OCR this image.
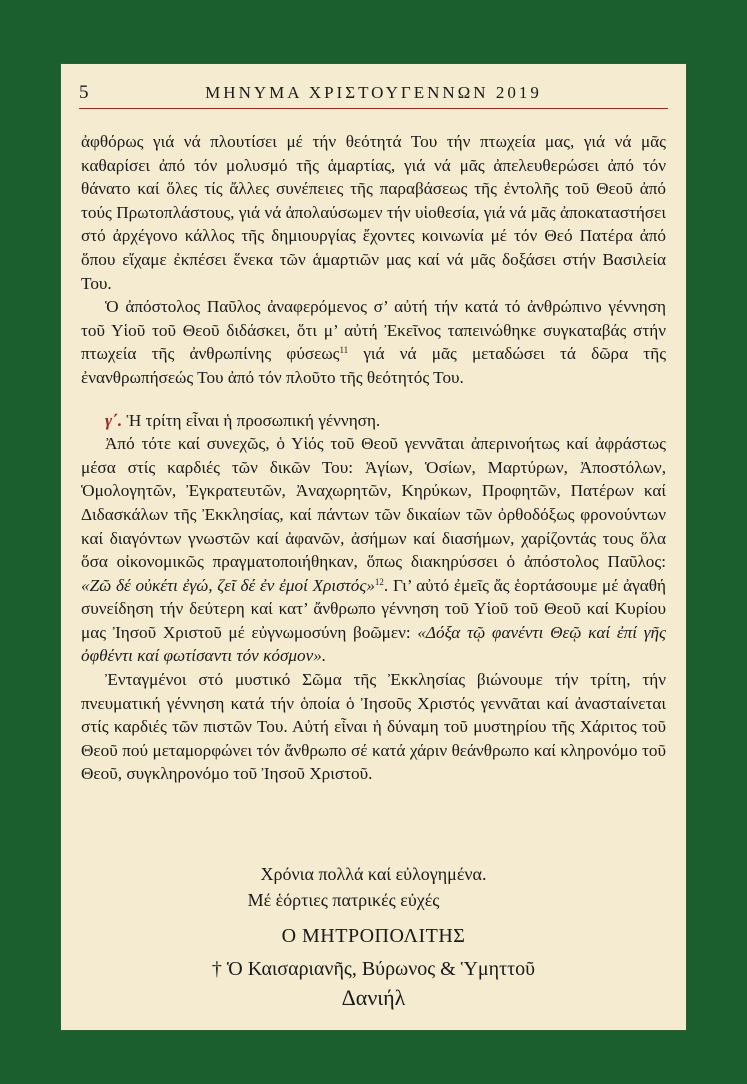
5	ΜΗΝΥΜΑ ΧΡΙΣΤΟΥΓΕΝΝΩΝ 2019

ἀφθόρως γιά νά πλουτίσει μέ τήν θεότητά Του τήν πτωχεία μας, γιά νά μᾶς καθαρίσει ἀπό τόν μολυσμό τῆς ἁμαρτίας, γιά νά μᾶς ἀπελευθερώσει ἀπό τόν θάνατο καί ὅλες τίς ἄλλες συνέπειες τῆς παραβάσεως τῆς ἐντολῆς τοῦ Θεοῦ ἀπό τούς Πρωτοπλάστους, γιά νά ἀπολαύσωμεν τήν υἱοθεσία, γιά νά μᾶς ἀποκαταστήσει στό ἀρχέγονο κάλλος τῆς δημιουργίας ἔχοντες κοινωνία μέ τόν Θεό Πατέρα ἀπό ὅπου εἴχαμε ἐκπέσει ἕνεκα τῶν ἁμαρτιῶν μας καί νά μᾶς δοξάσει στήν Βασιλεία Του.

Ὁ ἀπόστολος Παῦλος ἀναφερόμενος σ’ αὐτή τήν κατά τό ἀνθρώπινο γέννηση τοῦ Υἱοῦ τοῦ Θεοῦ διδάσκει, ὅτι μ’ αὐτή Ἐκεῖνος ταπεινώθηκε συγκαταβάς στήν πτωχεία τῆς ἀνθρωπίνης φύσεως$^{11}$ γιά νά μᾶς μεταδώσει τά δῶρα τῆς ἐνανθρωπήσεώς Του ἀπό τόν πλοῦτο τῆς θεότητός Του.

γ΄. Ἡ τρίτη εἶναι ἡ προσωπική γέννηση.

Ἀπό τότε καί συνεχῶς, ὁ Υἱός τοῦ Θεοῦ γεννᾶται ἀπερινοήτως καί ἀφράστως μέσα στίς καρδιές τῶν δικῶν Του: Ἁγίων, Ὁσίων, Μαρτύρων, Ἀποστόλων, Ὁμολογητῶν, Ἐγκρατευτῶν, Ἀναχωρητῶν, Κηρύκων, Προφητῶν, Πατέρων καί Διδασκάλων τῆς Ἐκκλησίας, καί πάντων τῶν δικαίων τῶν ὀρθοδόξως φρονούντων καί διαγόντων γνωστῶν καί ἀφανῶν, ἀσήμων καί διασήμων, χαρίζοντάς τους ὅλα ὅσα οἰκονομικῶς πραγματοποιήθηκαν, ὅπως διακηρύσσει ὁ ἀπόστολος Παῦλος: «Ζῶ δέ οὐκέτι ἐγώ, ζεῖ δέ ἐν ἐμοί Χριστός»$^{12}$. Γι’ αὐτό ἐμεῖς ἄς ἑορτάσουμε μέ ἀγαθή συνείδηση τήν δεύτερη καί κατ’ ἄνθρωπο γέννηση τοῦ Υἱοῦ τοῦ Θεοῦ καί Κυρίου μας Ἰησοῦ Χριστοῦ μέ εὐγνωμοσύνη βοῶμεν: «Δόξα τῷ φανέντι Θεῷ καί ἐπί γῆς ὀφθέντι καί φωτίσαντι τόν κόσμον».

Ἐνταγμένοι στό μυστικό Σῶμα τῆς Ἐκκλησίας βιώνουμε τήν τρίτη, τήν πνευματική γέννηση κατά τήν ὁποία ὁ Ἰησοῦς Χριστός γεννᾶται καί ἀνασταίνεται στίς καρδιές τῶν πιστῶν Του. Αὐτή εἶναι ἡ δύναμη τοῦ μυστηρίου τῆς Χάριτος τοῦ Θεοῦ πού μεταμορφώνει τόν ἄνθρωπο σέ κατά χάριν θεάνθρωπο καί κληρονόμο τοῦ Θεοῦ, συγκληρονόμο τοῦ Ἰησοῦ Χριστοῦ.

Χρόνια πολλά καί εὐλογημένα.
Μέ ἑόρτιες πατρικές εὐχές
Ο ΜΗΤΡΟΠΟΛΙΤΗΣ
† Ὁ Καισαριανῆς, Βύρωνος & Ὑμηττοῦ
Δανιήλ
